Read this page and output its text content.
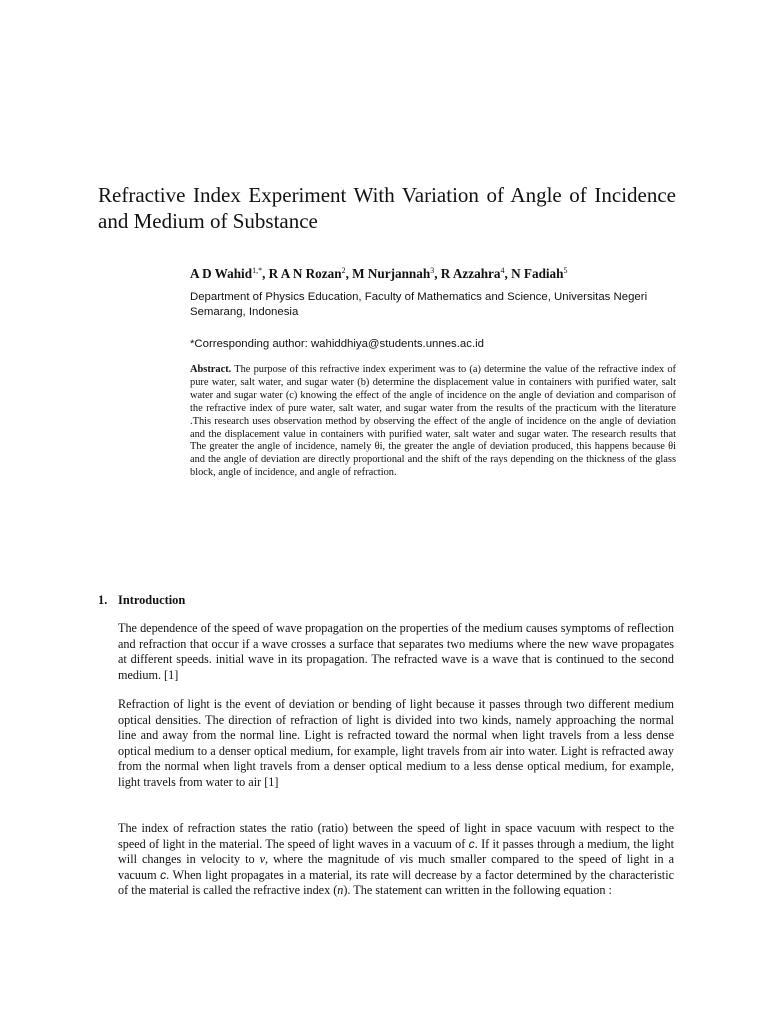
Refractive Index Experiment With Variation of Angle of Incidence and Medium of Substance
A D Wahid$^{1,*}$, R A N Rozan$^2$, M Nurjannah$^3$, R Azzahra$^4$, N Fadiah$^5$
Department of Physics Education, Faculty of Mathematics and Science, Universitas Negeri Semarang, Indonesia
*Corresponding author: wahiddhiya@students.unnes.ac.id
Abstract. The purpose of this refractive index experiment was to (a) determine the value of the refractive index of pure water, salt water, and sugar water (b) determine the displacement value in containers with purified water, salt water and sugar water (c) knowing the effect of the angle of incidence on the angle of deviation and comparison of the refractive index of pure water, salt water, and sugar water from the results of the practicum with the literature .This research uses observation method by observing the effect of the angle of incidence on the angle of deviation and the displacement value in containers with purified water, salt water and sugar water. The research results that The greater the angle of incidence, namely θi, the greater the angle of deviation produced, this happens because θi and the angle of deviation are directly proportional and the shift of the rays depending on the thickness of the glass block, angle of incidence, and angle of refraction.
1. Introduction
The dependence of the speed of wave propagation on the properties of the medium causes symptoms of reflection and refraction that occur if a wave crosses a surface that separates two mediums where the new wave propagates at different speeds. initial wave in its propagation. The refracted wave is a wave that is continued to the second medium. [1]
Refraction of light is the event of deviation or bending of light because it passes through two different medium optical densities. The direction of refraction of light is divided into two kinds, namely approaching the normal line and away from the normal line. Light is refracted toward the normal when light travels from a less dense optical medium to a denser optical medium, for example, light travels from air into water. Light is refracted away from the normal when light travels from a denser optical medium to a less dense optical medium, for example, light travels from water to air [1]
The index of refraction states the ratio (ratio) between the speed of light in space vacuum with respect to the speed of light in the material. The speed of light waves in a vacuum of c. If it passes through a medium, the light will changes in velocity to v, where the magnitude of vis much smaller compared to the speed of light in a vacuum c. When light propagates in a material, its rate will decrease by a factor determined by the characteristic of the material is called the refractive index (n). The statement can written in the following equation :
